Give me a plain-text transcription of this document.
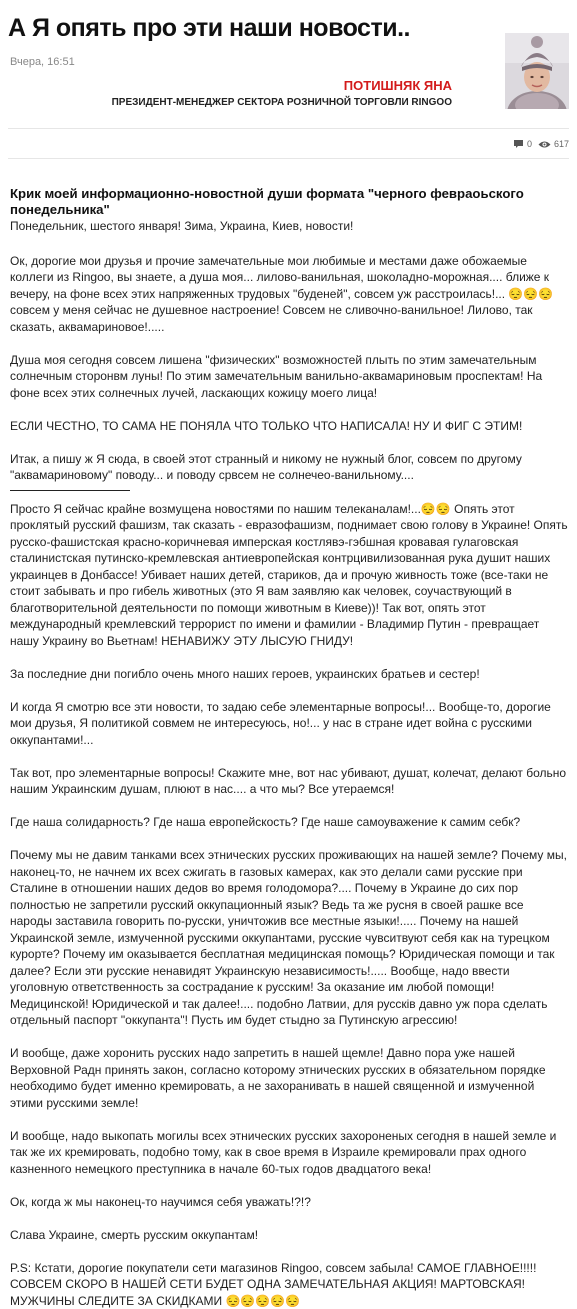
А Я опять про эти наши новости..
Вчера, 16:51
ПОТИШНЯК ЯНА
ПРЕЗИДЕНТ-МЕНЕДЖЕР СЕКТОРА РОЗНИЧНОЙ ТОРГОВЛИ RINGOO
0 617
Крик моей информационно-новостной души формата "черного февраоьского понедельника"

Понедельник, шестого января! Зима, Украина, Киев, новости!

Ок, дорогие мои друзья и прочие замечательные мои любимые и местами даже обожаемые коллеги из Ringoo, вы знаете, а душа моя... лилово-ванильная, шоколадно-морожная.... ближе к вечеру, на фоне всех этих напряженных трудовых "буденей", совсем уж расстроилась!... 😔😔😔совсем у меня сейчас не душевное настроение! Совсем не сливочно-ванильное! Лилово, так сказать, аквамариновое!.....

Душа моя сегодня совсем лишена "физических" возможностей плыть по этим замечательным солнечным сторонвм луны! По этим замечательным ванильно-аквамариновым проспектам! На фоне всех этих солнечных лучей, ласкающих кожицу моего лица!

ЕСЛИ ЧЕСТНО, ТО САМА НЕ ПОНЯЛА ЧТО ТОЛЬКО ЧТО НАПИСАЛА! НУ И ФИГ С ЭТИМ!

Итак, а пишу ж Я сюда, в своей этот странный и никому не нужный блог, совсем по другому "аквамариновому" поводу... и поводу срвсем не солнечео-ванильному....

Просто Я сейчас крайне возмущена новостями по нашим телеканалам!...😔😔 Опять этот проклятый русский фашизм, так сказать - евразофашизм, поднимает свою голову в Украине! Опять русско-фашистская красно-коричневая имперская костлявэ-гэбшная кровавая гулаговская сталинистская путинско-кремлевская антиевропейская контрцивилизованная рука душит наших украинцев в Донбассе! Убивает наших детей, стариков, да и прочую живность тоже (все-таки не стоит забывать и про гибель животных (это Я вам заявляю как человек, соучаствующий в благотворительной деятельности по помощи животным в Киеве))! Так вот, опять этот международный кремлевский террорист по имени и фамилии - Владимир Путин - превращает нашу Украину во Вьетнам! НЕНАВИЖУ ЭТУ ЛЫСУЮ ГНИДУ!

За последние дни погибло очень много наших героев, украинских братьев и сестер!

И когда Я смотрю все эти новости, то задаю себе элементарные вопросы!... Вообще-то, дорогие мои друзья, Я политикой совмем не интересуюсь, но!... у нас в стране идет война с русскими оккупантами!...

Так вот, про элементарные вопросы! Скажите мне, вот нас убивают, душат, колечат, делают больно нашим Украинским душам, плюют в нас.... а что мы? Все утераемся!

Где наша солидарность? Где наша европейскость? Где наше самоуважение к самим себк?

Почему мы не давим танками всех этнических русских проживающих на нашей земле? Почему мы, наконец-то, не начнем их всех сжигать в газовых камерах, как это делали сами русские при Сталине в отношении наших дедов во время голодомора?.... Почему в Украине до сих пор полностью не запретили русский оккупационный язык? Ведь та же русня в своей рашке все народы заставила говорить по-русски, уничтожив все местные языки!..... Почему на нашей Украинской земле, измученной русскими оккупантами, русские чувситвуют себя как на турецком курорте? Почему им оказывается бесплатная медицинская помощь? Юридическая помощи и так далее? Если эти русские ненавидят Украинскую независимость!..... Вообще, надо ввести уголовную ответственность за сострадание к русским! За оказание им любой помощи! Медицинской! Юридической и так далее!.... подобно Латвии, для руссків давно уж пора сделать отдельный паспорт "оккупанта"! Пусть им будет стыдно за Путинскую агрессию!

И вообще, даже хоронить русских надо запретить в нашей щемле! Давно пора уже нашей Верховной Радн принять закон, согласно которому этнических русских в обязательном порядке необходимо будет именно кремировать, а не захоранивать в нашей священной и измученной этими русскими земле!

И вообще, надо выкопать могилы всех этнических русских захороненых сегодня в нашей земле и так же их кремировать, подобно тому, как в свое время в Израиле кремировали прах одного казненного немецкого преступника в начале 60-тых годов двадцатого века!

Ок, когда ж мы наконец-то научимся себя уважать!?!?

Слава Украине, смерть русским оккупантам!

P.S: Кстати, дорогие покупатели сети магазинов Ringoo, совсем забыла! САМОЕ ГЛАВНОЕ!!!!! СОВСЕМ СКОРО В НАШЕЙ СЕТИ БУДЕТ ОДНА ЗАМЕЧАТЕЛЬНАЯ АКЦИЯ! МАРТОВСКАЯ! МУЖЧИНЫ СЛЕДИТЕ ЗА СКИДКАМИ 😔😔😔😔😔
